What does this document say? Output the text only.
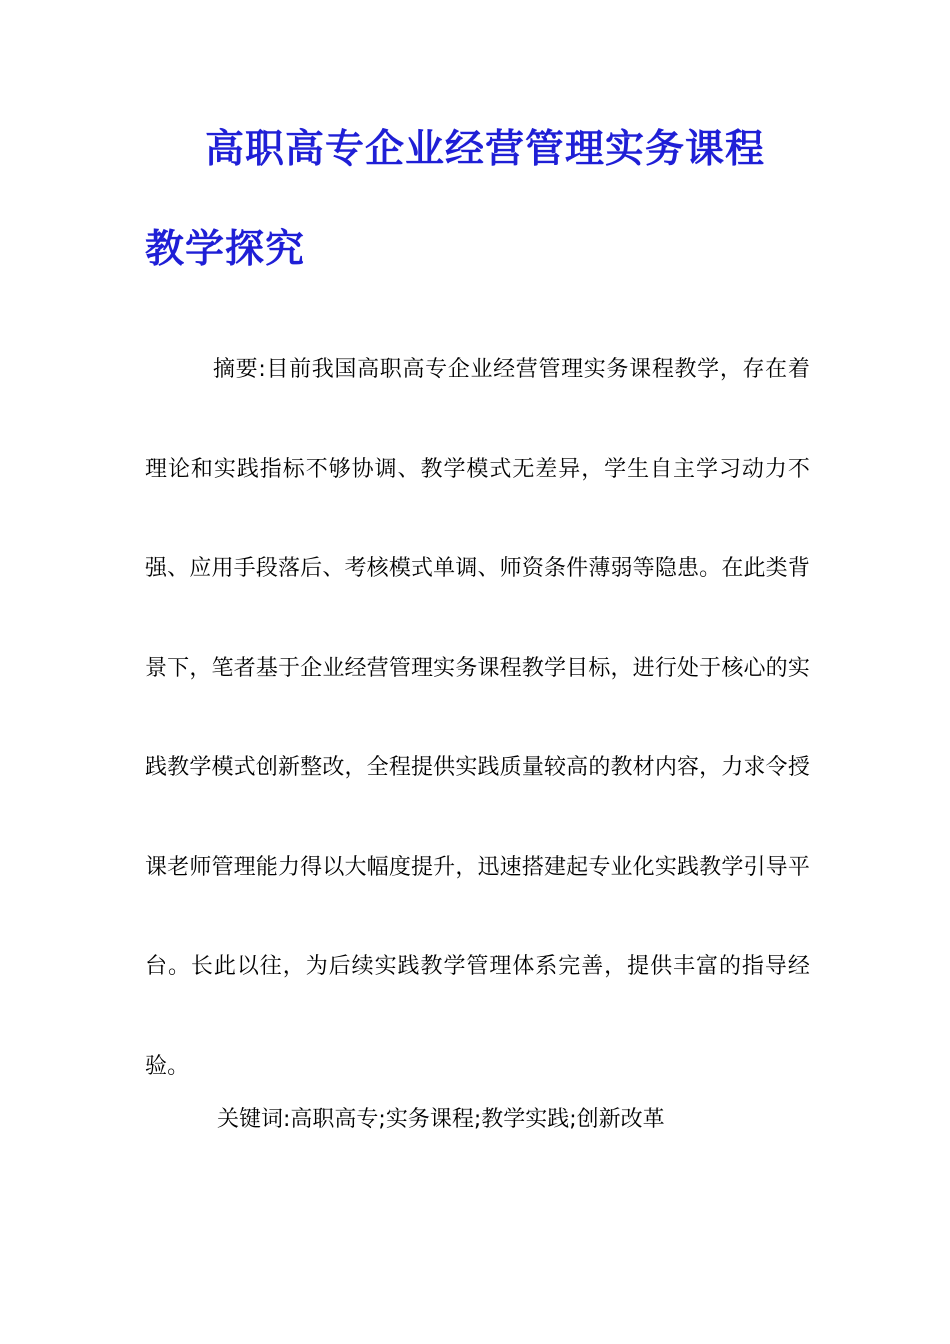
高职高专企业经营管理实务课程
教学探究

摘要:目前我国高职高专企业经营管理实务课程教学，存在着理论和实践指标不够协调、教学模式无差异，学生自主学习动力不强、应用手段落后、考核模式单调、师资条件薄弱等隐患。在此类背景下，笔者基于企业经营管理实务课程教学目标，进行处于核心的实践教学模式创新整改，全程提供实践质量较高的教材内容，力求令授课老师管理能力得以大幅度提升，迅速搭建起专业化实践教学引导平台。长此以往，为后续实践教学管理体系完善，提供丰富的指导经验。

关键词:高职高专;实务课程;教学实践;创新改革
